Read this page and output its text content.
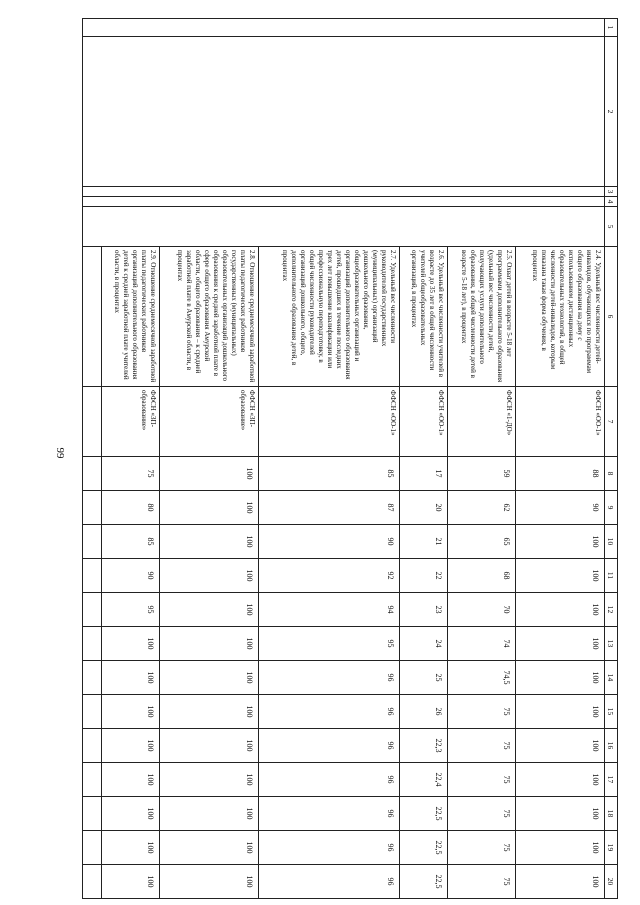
99
1	2	3	4	5	6	7	8	9	10	11	12	13	14	15	16	17	18	19	20
					2.4. Удельный вес численности детей-инвалидов, обучающихся по программам общего образования на дому с использованием дистанционных образовательных технологий, в общей численности детей-инвалидов, которым показана такая форма обучения, в процентах	ФФСН «ОО-1»	88	90	100	100	100	100	100	100	100	100	100	100	100
					2.5. Охват детей в возрасте 5-18 лет программами дополнительного образования (удельный вес численности детей, получающих услуги дополнительного образования, в общей численности детей в возрасте 5-18 лет), в процентах	ФФСН «1-ДО»	59	62	65	68	70	74	74,5	75	75	75	75	75	75
					2.6. Удельный вес численности учителей в возрасте до 35 лет в общей численности учителей общеобразовательных организаций, в процентах	ФФСН «ОО-1»	17	20	21	22	23	24	25	26	22,3	22,4	22,5	22,5	22,5
					2.7. Удельный вес численности руководителей государственных (муниципальных) организаций дошкольного образования, общеобразовательных организаций и организаций дополнительного образования детей, прошедших в течение последних трех лет повышение квалификации или профессиональную переподготовку, в общей численности руководителей организаций дошкольного, общего, дополнительного образования детей, в процентах	ФФСН «ОО-1»	85	87	90	92	94	95	96	96	96	96	96	96	96
					2.8. Отношение среднемесячной заработной платы педагогических работников государственных (муниципальных) образовательных организаций дошкольного образования к средней заработной плате в сфере общего образования Амурской области, общего образования – к средней заработной плате в Амурской области, в процентах	ФФСН «ЗП-образование»	100	100	100	100	100	100	100	100	100	100	100	100	100
					2.9. Отношение среднемесячной заработной платы педагогических работников организаций дополнительного образования детей к средней заработной плате учителей области, в процентах	ФФСН «ЗП-образование»	75	80	85	90	95	100	100	100	100	100	100	100	100
